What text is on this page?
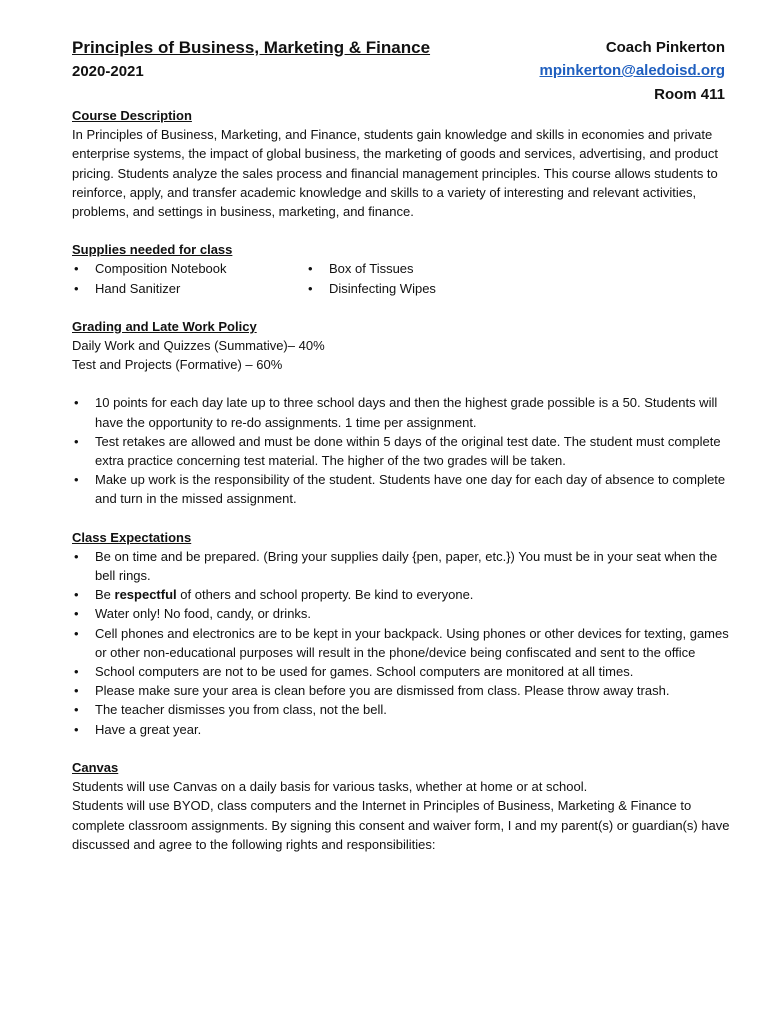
Principles of Business, Marketing & Finance
2020-2021
Coach Pinkerton
mpinkerton@aledoisd.org
Room 411
Course Description

In Principles of Business, Marketing, and Finance, students gain knowledge and skills in economies and private enterprise systems, the impact of global business, the marketing of goods and services, advertising, and product pricing. Students analyze the sales process and financial management principles. This course allows students to reinforce, apply, and transfer academic knowledge and skills to a variety of interesting and relevant activities, problems, and settings in business, marketing, and finance.

Supplies needed for class
• Composition Notebook
• Hand Sanitizer
• Box of Tissues
• Disinfecting Wipes
Grading and Late Work Policy

Daily Work and Quizzes (Summative)– 40%

Test and Projects (Formative) – 60%

• 10 points for each day late up to three school days and then the highest grade possible is a 50. Students will have the opportunity to re-do assignments. 1 time per assignment.
• Test retakes are allowed and must be done within 5 days of the original test date. The student must complete extra practice concerning test material. The higher of the two grades will be taken.
• Make up work is the responsibility of the student. Students have one day for each day of absence to complete and turn in the missed assignment.
Class Expectations
• Be on time and be prepared. (Bring your supplies daily {pen, paper, etc.}) You must be in your seat when the bell rings.
• Be respectful of others and school property. Be kind to everyone.
• Water only! No food, candy, or drinks.
• Cell phones and electronics are to be kept in your backpack. Using phones or other devices for texting, games or other non-educational purposes will result in the phone/device being confiscated and sent to the office
• School computers are not to be used for games. School computers are monitored at all times.
• Please make sure your area is clean before you are dismissed from class. Please throw away trash.
• The teacher dismisses you from class, not the bell.
• Have a great year.
Canvas

Students will use Canvas on a daily basis for various tasks, whether at home or at school.

Students will use BYOD, class computers and the Internet in Principles of Business, Marketing & Finance to complete classroom assignments. By signing this consent and waiver form, I and my parent(s) or guardian(s) have discussed and agree to the following rights and responsibilities:
